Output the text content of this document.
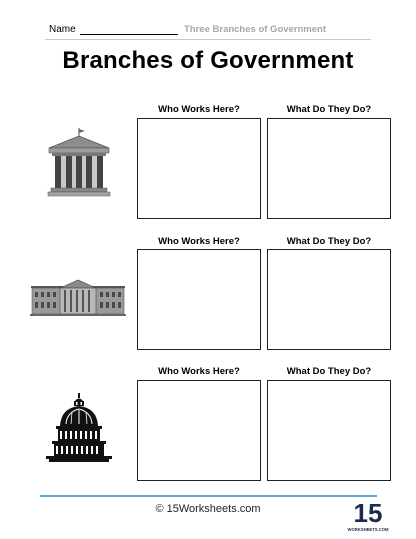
Name	Three Branches of Government
Branches of Government
Who Works Here?	What Do They Do?
Who Works Here?	What Do They Do?
Who Works Here?	What Do They Do?
© 15Worksheets.com	15
WORKSHEETS.COM
